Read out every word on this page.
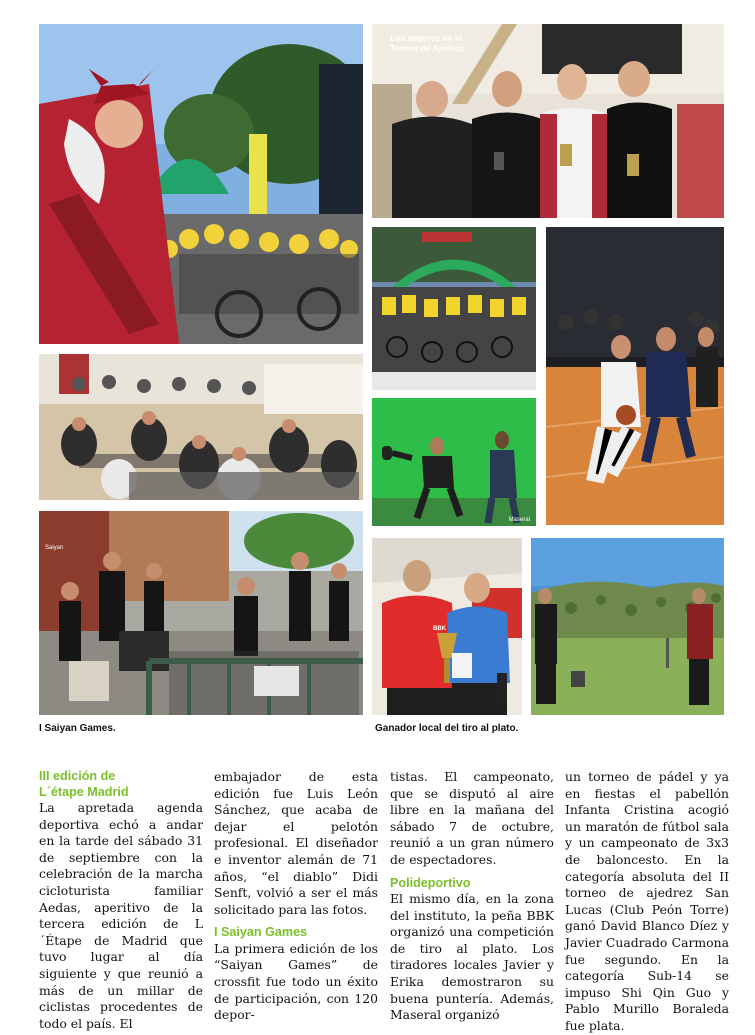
Los mejores en el
Torneo de Ajedrez.
Maseral
Saiyan
BBK
I Saiyan Games.	Ganador local del tiro al plato.
III edición de
L´étape Madrid

La apretada agenda deportiva echó a andar en la tarde del sábado 31 de septiembre con la celebración de la marcha cicloturista familiar Aedas, aperitivo de la tercera edición de L´Étape de Madrid que tuvo lugar al día siguiente y que reunió a más de un millar de ciclistas procedentes de todo el país. El

embajador de esta edición fue Luis León Sánchez, que acaba de dejar el pelotón profesional. El diseñador e inventor alemán de 71 años, “el diablo” Didi Senft, volvió a ser el más solicitado para las fotos.

I Saiyan Games

La primera edición de los “Saiyan Games” de crossfit fue todo un éxito de participación, con 120 depor-

tistas. El campeonato, que se disputó al aire libre en la mañana del sábado 7 de octubre, reunió a un gran número de espectadores.

Polideportivo

El mismo día, en la zona del instituto, la peña BBK organizó una competición de tiro al plato. Los tiradores locales Javier y Erika demostraron su buena puntería. Además, Maseral organizó

un torneo de pádel y ya en fiestas el pabellón Infanta Cristina acogió un maratón de fútbol sala y un campeonato de 3x3 de baloncesto. En la categoría absoluta del II torneo de ajedrez San Lucas (Club Peón Torre) ganó David Blanco Díez y Javier Cuadrado Carmona fue segundo. En la categoría Sub-14 se impuso Shi Qin Guo y Pablo Murillo Boraleda fue plata.
